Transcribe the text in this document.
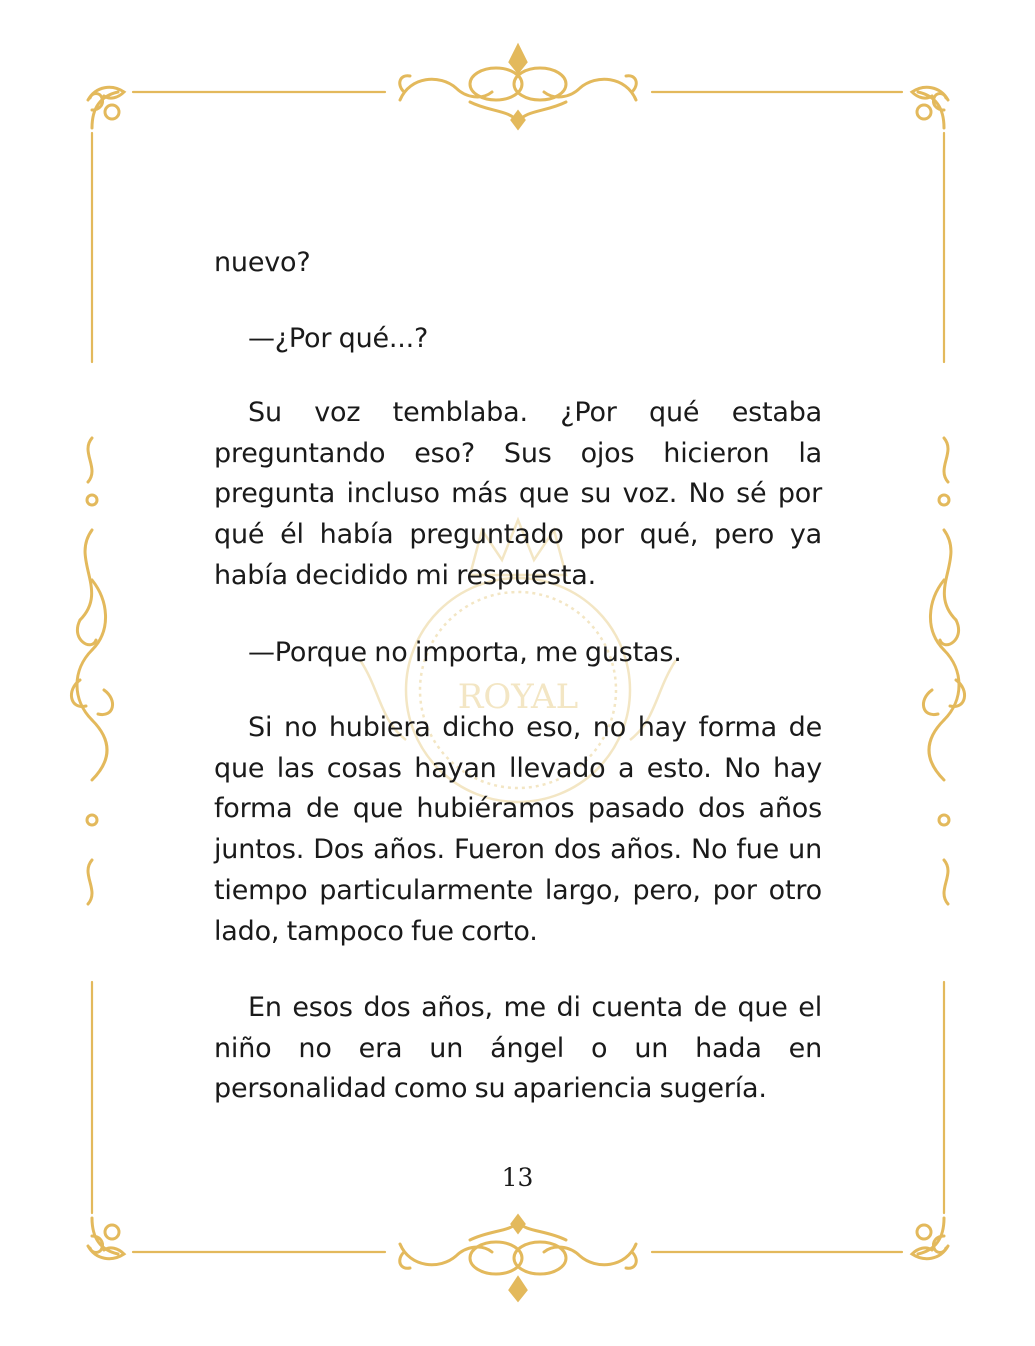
ROYAL

nuevo?

—¿Por qué...?

Su voz temblaba. ¿Por qué estaba preguntando eso? Sus ojos hicieron la pregunta incluso más que su voz. No sé por qué él había preguntado por qué, pero ya había decidido mi respuesta.

—Porque no importa, me gustas.

Si no hubiera dicho eso, no hay forma de que las cosas hayan llevado a esto. No hay forma de que hubiéramos pasado dos años juntos. Dos años. Fueron dos años. No fue un tiempo particularmente largo, pero, por otro lado, tampoco fue corto.

En esos dos años, me di cuenta de que el niño no era un ángel o un hada en personalidad como su apariencia sugería.

13
